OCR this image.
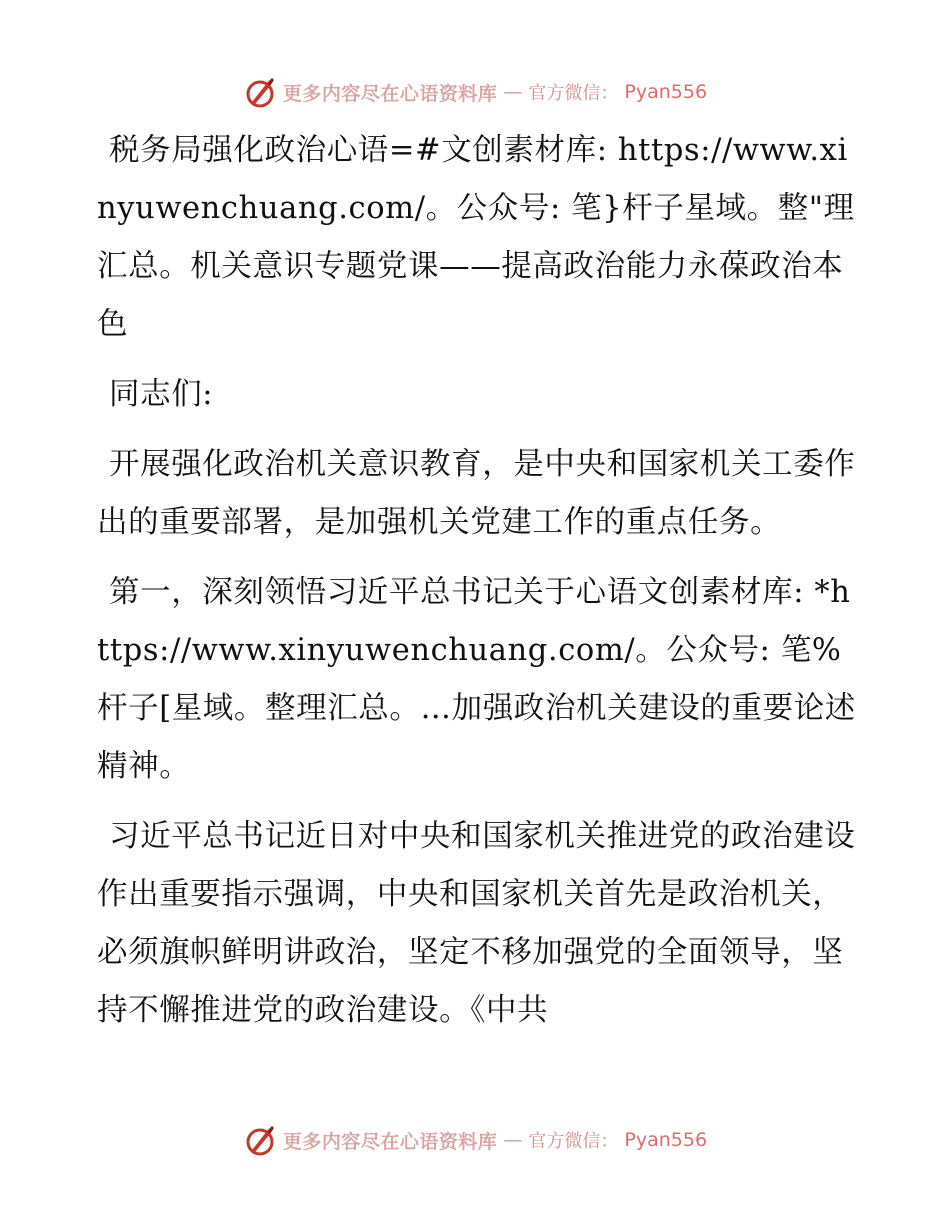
更多内容尽在心语资料库 — 官方微信： Pyan556

税务局强化政治心语=#文创素材库: https://www.xinyuwenchuang.com/。公众号: 笔}杆子星域。整"理汇总。机关意识专题党课——提高政治能力永葆政治本色

同志们:

开展强化政治机关意识教育，是中央和国家机关工委作出的重要部署，是加强机关党建工作的重点任务。

第一，深刻领悟习近平总书记关于心语文创素材库: *https://www.xinyuwenchuang.com/。公众号: 笔%杆子[星域。整理汇总。…加强政治机关建设的重要论述精神。

习近平总书记近日对中央和国家机关推进党的政治建设作出重要指示强调，中央和国家机关首先是政治机关，必须旗帜鲜明讲政治，坚定不移加强党的全面领导，坚持不懈推进党的政治建设。《中共

更多内容尽在心语资料库 — 官方微信： Pyan556
